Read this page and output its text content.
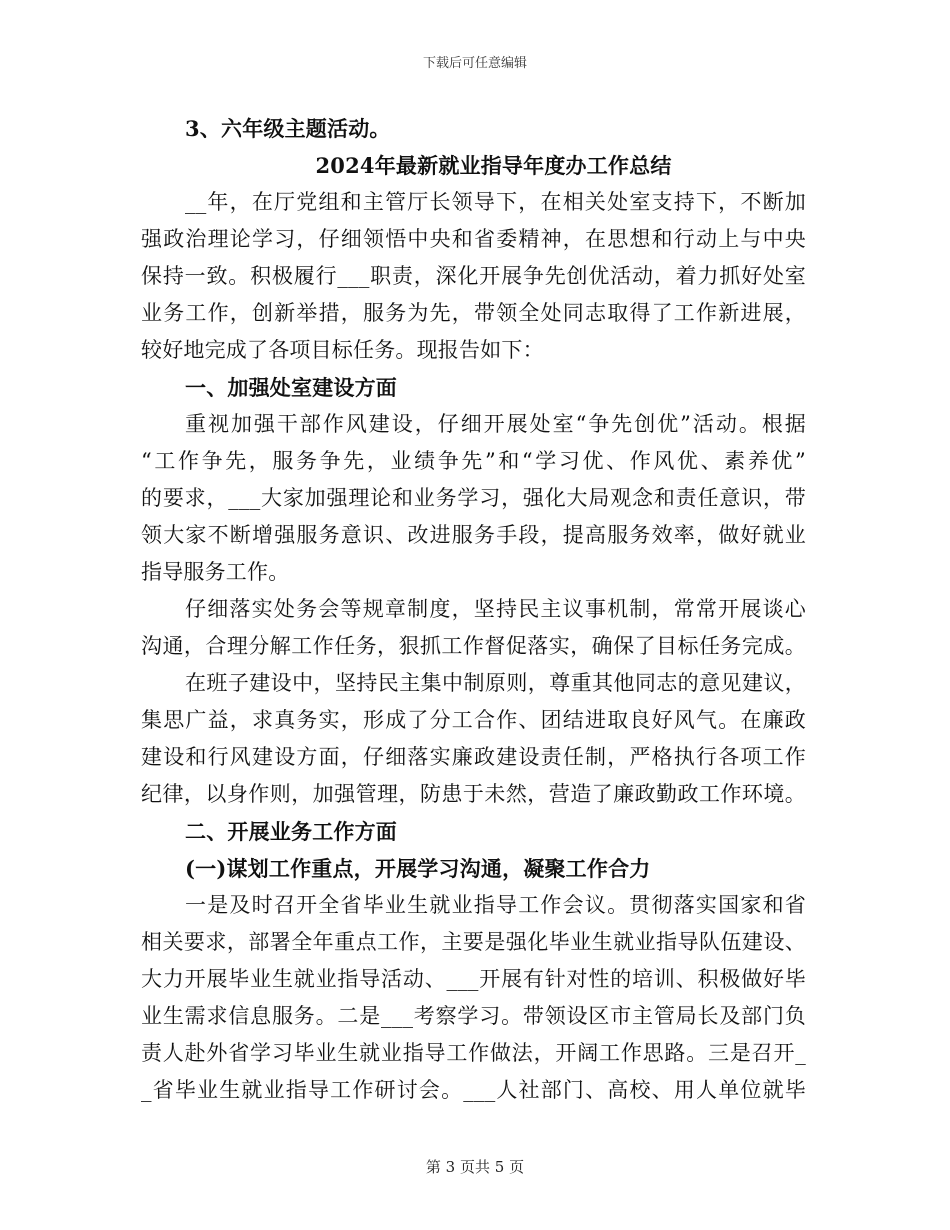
下载后可任意编辑
3、六年级主题活动。
2024年最新就业指导年度办工作总结
__年，在厅党组和主管厅长领导下，在相关处室支持下，不断加
强政治理论学习，仔细领悟中央和省委精神，在思想和行动上与中央
保持一致。积极履行___职责，深化开展争先创优活动，着力抓好处室
业务工作，创新举措，服务为先，带领全处同志取得了工作新进展，
较好地完成了各项目标任务。现报告如下：
一、加强处室建设方面
重视加强干部作风建设，仔细开展处室“争先创优”活动。根据
“工作争先，服务争先，业绩争先”和“学习优、作风优、素养优”
的要求，___大家加强理论和业务学习，强化大局观念和责任意识，带
领大家不断增强服务意识、改进服务手段，提高服务效率，做好就业
指导服务工作。
仔细落实处务会等规章制度，坚持民主议事机制，常常开展谈心
沟通，合理分解工作任务，狠抓工作督促落实，确保了目标任务完成。
在班子建设中，坚持民主集中制原则，尊重其他同志的意见建议，
集思广益，求真务实，形成了分工合作、团结进取良好风气。在廉政
建设和行风建设方面，仔细落实廉政建设责任制，严格执行各项工作
纪律，以身作则，加强管理，防患于未然，营造了廉政勤政工作环境。
二、开展业务工作方面
(一)谋划工作重点，开展学习沟通，凝聚工作合力
一是及时召开全省毕业生就业指导工作会议。贯彻落实国家和省
相关要求，部署全年重点工作，主要是强化毕业生就业指导队伍建设、
大力开展毕业生就业指导活动、___开展有针对性的培训、积极做好毕
业生需求信息服务。二是___考察学习。带领设区市主管局长及部门负
责人赴外省学习毕业生就业指导工作做法，开阔工作思路。三是召开_
_省毕业生就业指导工作研讨会。___人社部门、高校、用人单位就毕
第 3 页共 5 页
